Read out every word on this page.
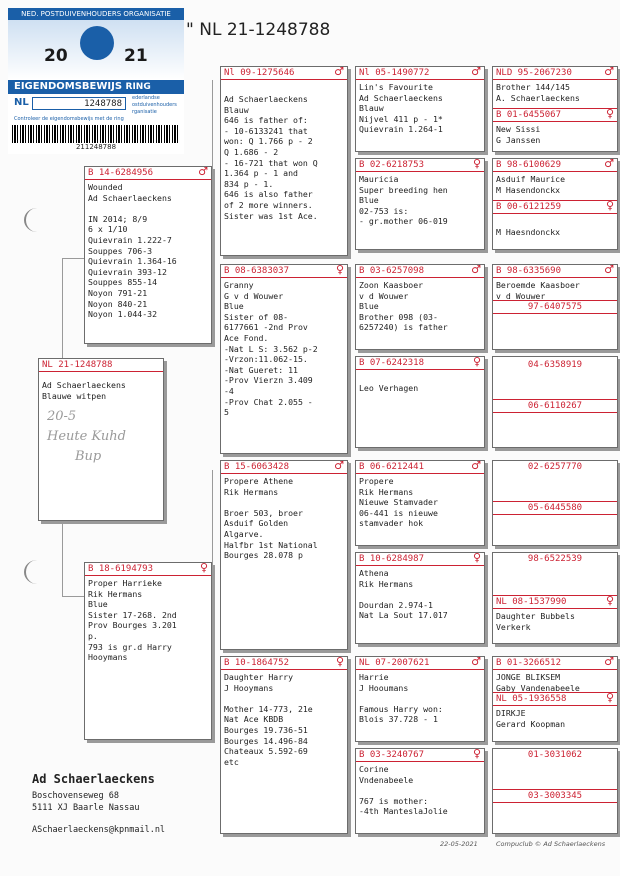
NED. POSTDUIVENHOUDERS ORGANISATIE
20	21
EIGENDOMSBEWIJS RING
NL	1248788
ederlandse
ostduivenhouders
rganisatie
Controleer de eigendomsbewijs met de ring
211248788
" NL 21-1248788
NL 21-1248788
Ad Schaerlaeckens
Blauwe witpen
20-5
Heute Kuhd
Bup
B 14-6284956	♂
Wounded
Ad Schaerlaeckens

IN 2014; 8/9
6 x 1/10
Quievrain 1.222-7
Souppes 706-3
Quievrain 1.364-16
Quievrain 393-12
Souppes 855-14
Noyon 791-21
Noyon 840-21
Noyon 1.044-32
B 18-6194793	♀
Proper Harrieke
Rik Hermans
Blue
Sister 17-268. 2nd
Prov Bourges 3.201
p.
793 is gr.d Harry
Hooymans
Nl 09-1275646	♂
Ad Schaerlaeckens
Blauw
646 is father of:
- 10-6133241 that
won: Q 1.766 p - 2
Q 1.686 - 2
- 16-721 that won Q
1.364 p - 1 and
834 p - 1.
646 is also father
of 2 more winners.
Sister was 1st Ace.
B 08-6383037	♀
Granny
G v d Wouwer
Blue
Sister of 08-
6177661 -2nd Prov
Ace Fond.
-Nat L S: 3.562 p-2
-Vrzon:11.062-15.
-Nat Gueret: 11
-Prov Vierzn 3.409
-4
-Prov Chat 2.055 -
5
B 15-6063428	♂
Propere Athene
Rik Hermans

Broer 503, broer
Asduif Golden
Algarve.
Halfbr 1st National
Bourges 28.078 p
B 10-1864752	♀
Daughter Harry
J Hooymans

Mother 14-773, 21e
Nat Ace KBDB
Bourges 19.736-51
Bourges 14.496-84
Chateaux 5.592-69
etc
Nl 05-1490772	♂
Lin's Favourite
Ad Schaerlaeckens
Blauw
Nijvel 411 p - 1*
Quievrain 1.264-1
B 02-6218753	♀
Mauricia
Super breeding hen
Blue
02-753 is:
- gr.mother 06-019
B 03-6257098	♂
Zoon Kaasboer
v d Wouwer
Blue
Brother 098 (03-
6257240) is father
B 07-6242318	♀

Leo Verhagen
B 06-6212441	♂
Propere
Rik Hermans
Nieuwe Stamvader
06-441 is nieuwe
stamvader hok
B 10-6284987	♀
Athena
Rik Hermans

Dourdan 2.974-1
Nat La Sout 17.017
NL 07-2007621	♂
Harrie
J Hooumans

Famous Harry won:
Blois 37.728 - 1
B 03-3240767	♀
Corine
Vndenabeele

767 is mother:
-4th ManteslaJolie
NLD 95-2067230	♂
Brother 144/145
A. Schaerlaeckens
B 01-6455067	♀
New Sissi
G Janssen
B 98-6100629	♂
Asduif Maurice
M Hasendonckx
B 00-6121259	♀

M Haesndonckx
B 98-6335690	♂
Beroemde Kaasboer
v d Wouwer
97-6407575
04-6358919
06-6110267
02-6257770
05-6445580
98-6522539
NL 08-1537990	♀
Daughter Bubbels
Verkerk
B 01-3266512	♂
JONGE BLIKSEM
Gaby Vandenabeele
NL 05-1936558	♀
DIRKJE
Gerard Koopman
01-3031062
03-3003345
Ad Schaerlaeckens
Boschovenseweg 68
5111 XJ Baarle Nassau
ASchaerlaeckens@kpnmail.nl
22-05-2021	Compuclub © Ad Schaerlaeckens
